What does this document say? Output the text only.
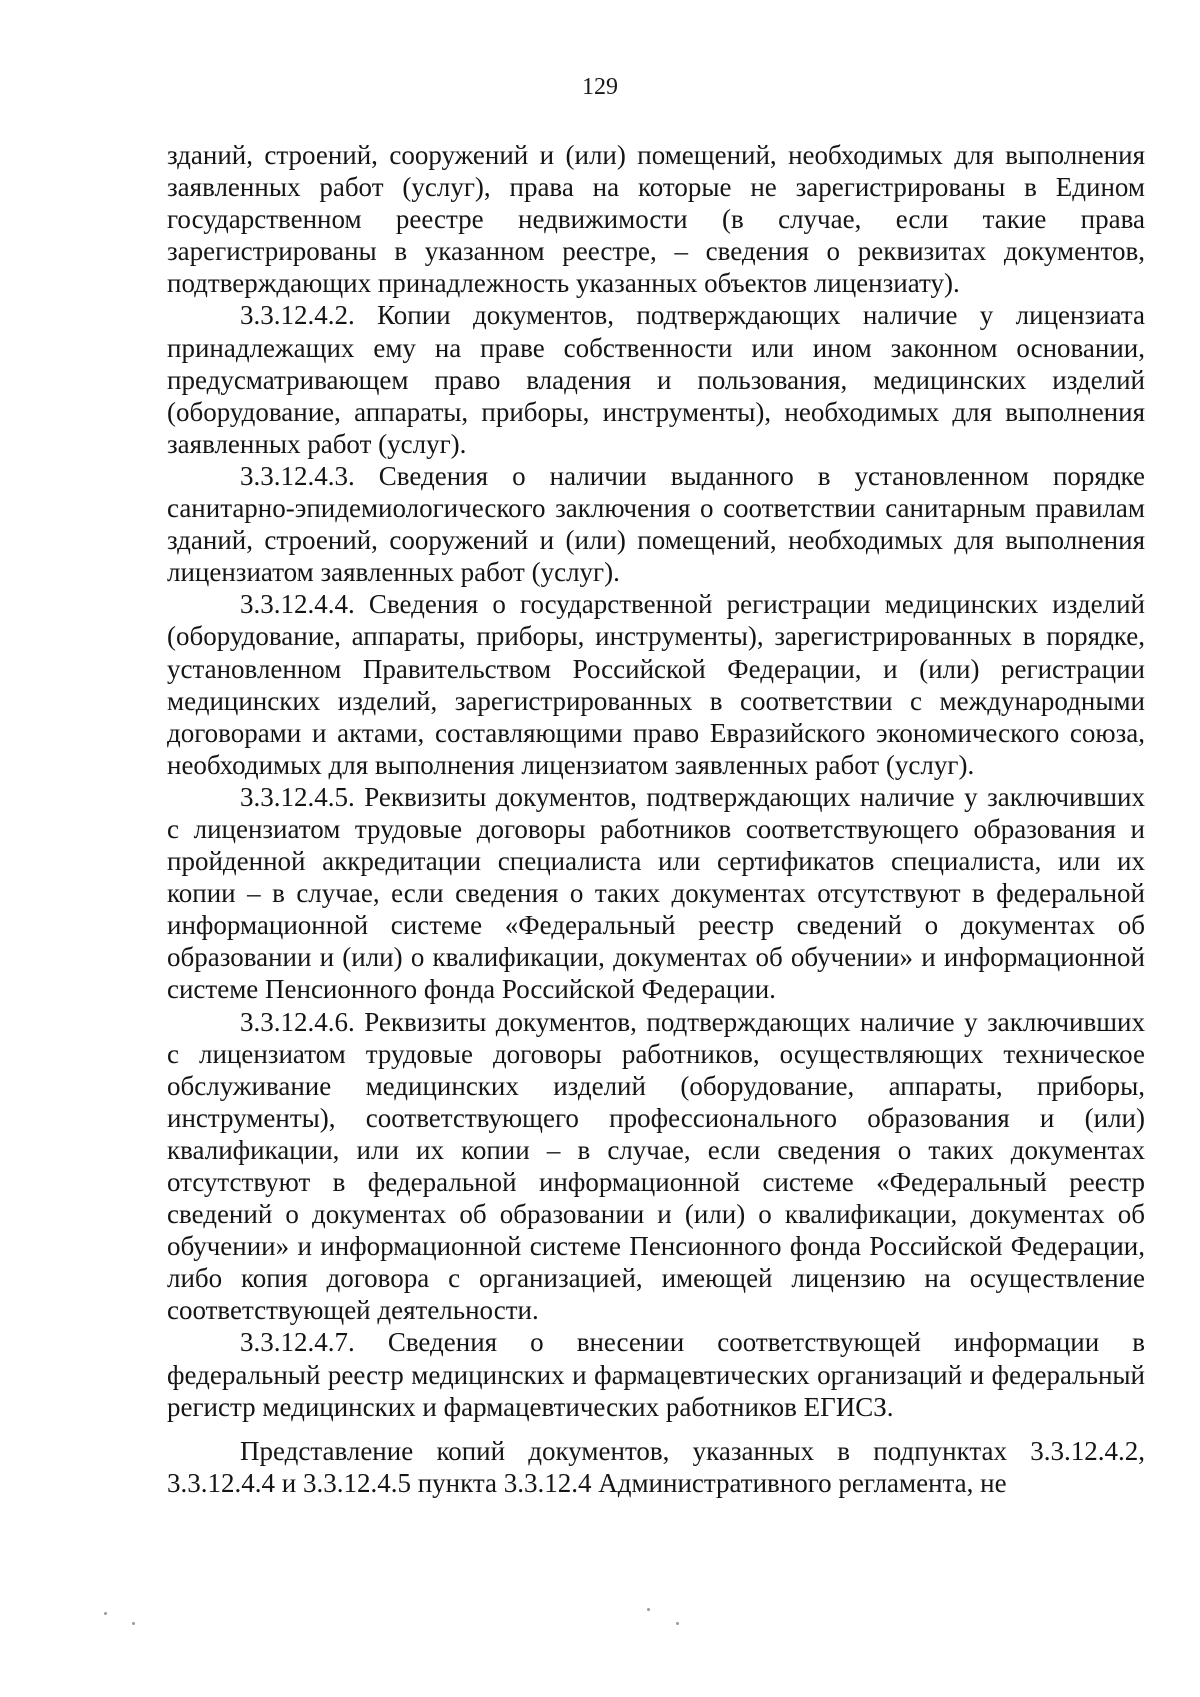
129

зданий, строений, сооружений и (или) помещений, необходимых для выполнения заявленных работ (услуг), права на которые не зарегистрированы в Едином государственном реестре недвижимости (в случае, если такие права зарегистрированы в указанном реестре, – сведения о реквизитах документов, подтверждающих принадлежность указанных объектов лицензиату).

3.3.12.4.2. Копии документов, подтверждающих наличие у лицензиата принадлежащих ему на праве собственности или ином законном основании, предусматривающем право владения и пользования, медицинских изделий (оборудование, аппараты, приборы, инструменты), необходимых для выполнения заявленных работ (услуг).

3.3.12.4.3. Сведения о наличии выданного в установленном порядке санитарно-эпидемиологического заключения о соответствии санитарным правилам зданий, строений, сооружений и (или) помещений, необходимых для выполнения лицензиатом заявленных работ (услуг).

3.3.12.4.4. Сведения о государственной регистрации медицинских изделий (оборудование, аппараты, приборы, инструменты), зарегистрированных в порядке, установленном Правительством Российской Федерации, и (или) регистрации медицинских изделий, зарегистрированных в соответствии с международными договорами и актами, составляющими право Евразийского экономического союза, необходимых для выполнения лицензиатом заявленных работ (услуг).

3.3.12.4.5. Реквизиты документов, подтверждающих наличие у заключивших с лицензиатом трудовые договоры работников соответствующего образования и пройденной аккредитации специалиста или сертификатов специалиста, или их копии – в случае, если сведения о таких документах отсутствуют в федеральной информационной системе «Федеральный реестр сведений о документах об образовании и (или) о квалификации, документах об обучении» и информационной системе Пенсионного фонда Российской Федерации.

3.3.12.4.6. Реквизиты документов, подтверждающих наличие у заключивших с лицензиатом трудовые договоры работников, осуществляющих техническое обслуживание медицинских изделий (оборудование, аппараты, приборы, инструменты), соответствующего профессионального образования и (или) квалификации, или их копии – в случае, если сведения о таких документах отсутствуют в федеральной информационной системе «Федеральный реестр сведений о документах об образовании и (или) о квалификации, документах об обучении» и информационной системе Пенсионного фонда Российской Федерации, либо копия договора с организацией, имеющей лицензию на осуществление соответствующей деятельности.

3.3.12.4.7. Сведения о внесении соответствующей информации в федеральный реестр медицинских и фармацевтических организаций и федеральный регистр медицинских и фармацевтических работников ЕГИСЗ.

Представление копий документов, указанных в подпунктах 3.3.12.4.2, 3.3.12.4.4 и 3.3.12.4.5 пункта 3.3.12.4 Административного регламента, не
